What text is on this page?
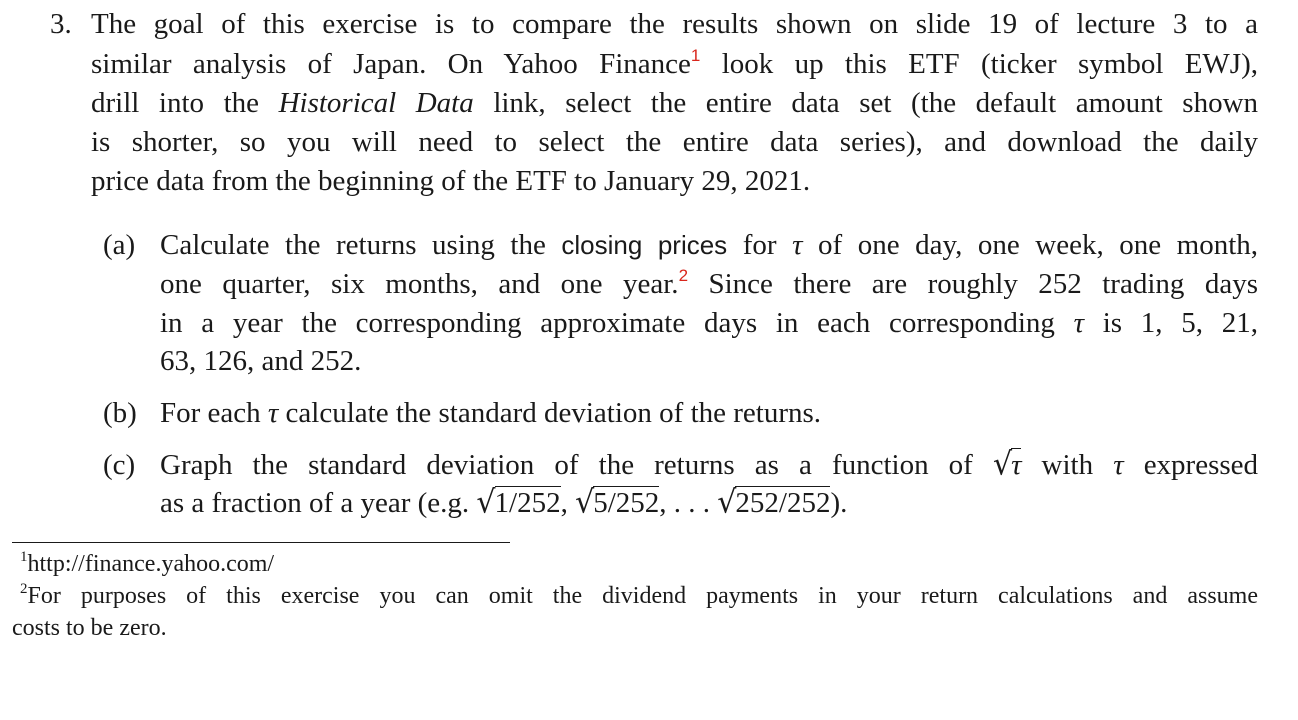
3. The goal of this exercise is to compare the results shown on slide 19 of lecture 3 to a
similar analysis of Japan. On Yahoo Finance$^1$ look up this ETF (ticker symbol EWJ),
drill into the Historical Data link, select the entire data set (the default amount shown
is shorter, so you will need to select the entire data series), and download the daily
price data from the beginning of the ETF to January 29, 2021.
(a) Calculate the returns using the closing prices for τ of one day, one week, one month,
one quarter, six months, and one year.$^2$ Since there are roughly 252 trading days
in a year the corresponding approximate days in each corresponding τ is 1, 5, 21,
63, 126, and 252.
(b) For each τ calculate the standard deviation of the returns.
(c) Graph the standard deviation of the returns as a function of √τ with τ expressed
as a fraction of a year (e.g. √1/252, √5/252, . . . √252/252).
$^1$http://finance.yahoo.com/
$^2$For purposes of this exercise you can omit the dividend payments in your return calculations and assume
costs to be zero.
